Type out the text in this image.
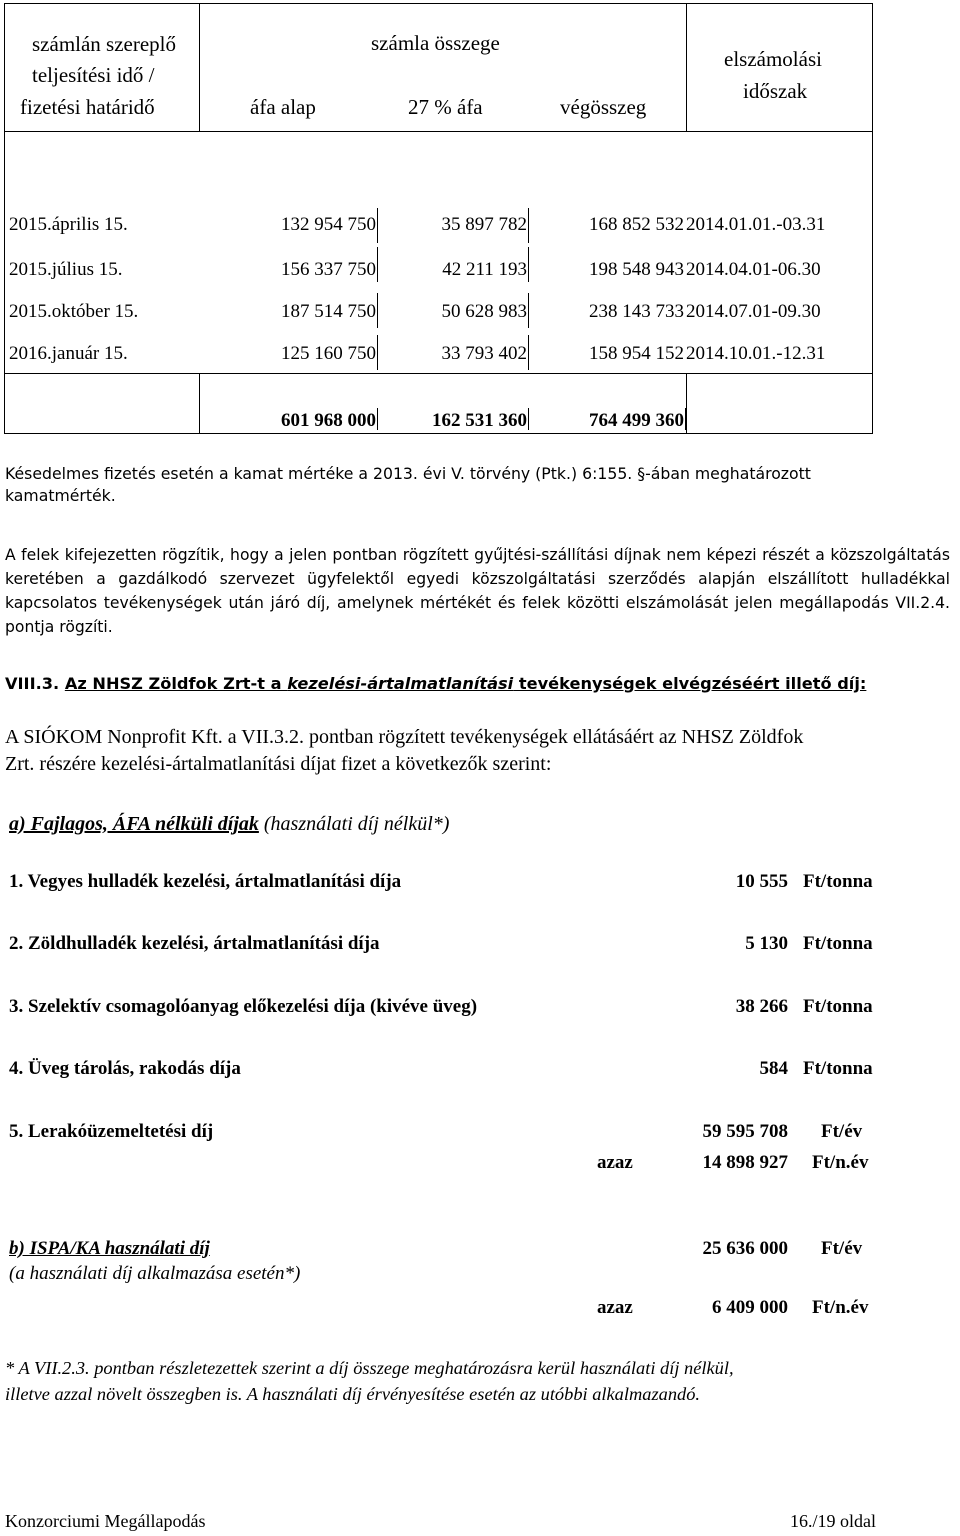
számlán szereplő
teljesítési idő /
fizetési határidő
számla összege
áfa alap	27 % áfa	végösszeg
elszámolási
időszak
2015.április 15.	132 954 750	35 897 782	168 852 532 2014.01.01.-03.31
2015.július 15.	156 337 750	42 211 193	198 548 943 2014.04.01-06.30
2015.október 15.	187 514 750	50 628 983	238 143 733 2014.07.01-09.30
2016.január 15.	125 160 750	33 793 402	158 954 152 2014.10.01.-12.31
601 968 000	162 531 360	764 499 360
Késedelmes fizetés esetén a kamat mértéke a 2013. évi V. törvény (Ptk.) 6:155. §-ában meghatározott
kamatmérték.
A felek kifejezetten rögzítik, hogy a jelen pontban rögzített gyűjtési-szállítási díjnak nem képezi részét a közszolgáltatás keretében a gazdálkodó szervezet ügyfelektől egyedi közszolgáltatási szerződés alapján elszállított hulladékkal kapcsolatos tevékenységek után járó díj, amelynek mértékét és felek közötti elszámolását jelen megállapodás VII.2.4. pontja rögzíti.
VIII.3. Az NHSZ Zöldfok Zrt-t a kezelési-ártalmatlanítási tevékenységek elvégzéséért illető díj:
A SIÓKOM Nonprofit Kft. a VII.3.2. pontban rögzített tevékenységek ellátásáért az NHSZ Zöldfok
Zrt. részére kezelési-ártalmatlanítási díjat fizet a következők szerint:
a) Fajlagos, ÁFA nélküli díjak (használati díj nélkül*)
1. Vegyes hulladék kezelési, ártalmatlanítási díja	10 555 Ft/tonna
2. Zöldhulladék kezelési, ártalmatlanítási díja	5 130 Ft/tonna
3. Szelektív csomagolóanyag előkezelési díja (kivéve üveg)	38 266 Ft/tonna
4. Üveg tárolás, rakodás díja	584 Ft/tonna
5. Lerakóüzemeltetési díj	59 595 708 Ft/év
azaz	14 898 927 Ft/n.év
b) ISPA/KA használati díj
(a használati díj alkalmazása esetén*)
25 636 000 Ft/év
azaz	6 409 000 Ft/n.év
* A VII.2.3. pontban részletezettek szerint a díj összege meghatározásra kerül használati díj nélkül,
illetve azzal növelt összegben is. A használati díj érvényesítése esetén az utóbbi alkalmazandó.
Konzorciumi Megállapodás	16./19 oldal
